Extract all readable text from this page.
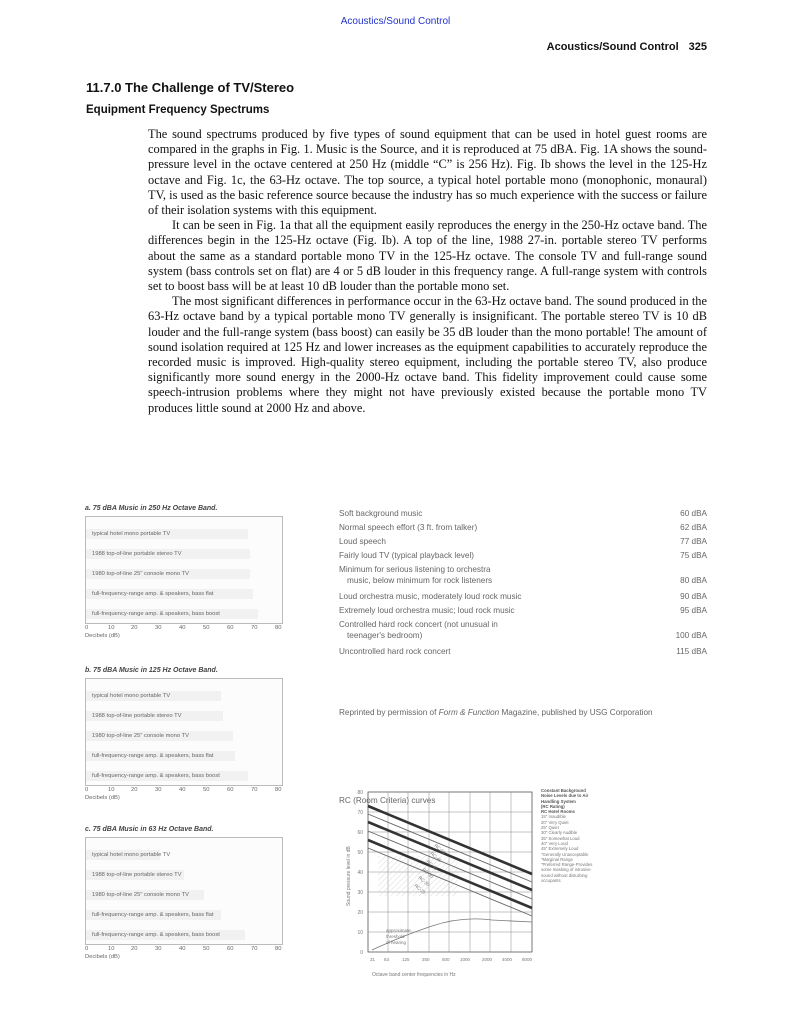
Acoustics/Sound Control
Acoustics/Sound Control 325
11.7.0 The Challenge of TV/Stereo
Equipment Frequency Spectrums

The sound spectrums produced by five types of sound equipment that can be used in hotel guest rooms are compared in the graphs in Fig. 1. Music is the Source, and it is reproduced at 75 dBA. Fig. 1A shows the sound-pressure level in the octave centered at 250 Hz (middle “C” is 256 Hz). Fig. Ib shows the level in the 125-Hz octave and Fig. 1c, the 63-Hz octave. The top source, a typical hotel portable mono (monophonic, monaural) TV, is used as the basic reference source because the industry has so much experience with the success or failure of their isolation systems with this equipment.

It can be seen in Fig. 1a that all the equipment easily reproduces the energy in the 250-Hz octave band. The differences begin in the 125-Hz octave (Fig. Ib). A top of the line, 1988 27-in. portable stereo TV performs about the same as a standard portable mono TV in the 125-Hz octave. The console TV and full-range sound system (bass controls set on flat) are 4 or 5 dB louder in this frequency range. A full-range system with controls set to boost bass will be at least 10 dB louder than the portable mono set.

The most significant differences in performance occur in the 63-Hz octave band. The sound produced in the 63-Hz octave band by a typical portable mono TV generally is insignificant. The portable stereo TV is 10 dB louder and the full-range system (bass boost) can easily be 35 dB louder than the mono portable! The amount of sound isolation required at 125 Hz and lower increases as the equipment capabilities to accurately reproduce the recorded music is improved. High-quality stereo equipment, including the portable stereo TV, also produce significantly more sound energy in the 2000-Hz octave band. This fidelity improvement could cause some speech-intrusion problems where they might not have previously existed because the portable mono TV produces little sound at 2000 Hz and above.

a. 75 dBA Music in 250 Hz Octave Band.
typical hotel mono portable TV
1988 top-of-line portable stereo TV
1980 top-of-line 25" console mono TV
full-frequency-range amp. & speakers, bass flat
full-frequency-range amp. & speakers, bass boost
0	10	20	30	40	50	60	70	80
Decibels (dB)
b. 75 dBA Music in 125 Hz Octave Band.
typical hotel mono portable TV
1988 top-of-line portable stereo TV
1980 top-of-line 25" console mono TV
full-frequency-range amp. & speakers, bass flat
full-frequency-range amp. & speakers, bass boost
0	10	20	30	40	50	60	70	80
Decibels (dB)
c. 75 dBA Music in 63 Hz Octave Band.
typical hotel mono portable TV
1988 top-of-line portable stereo TV
1980 top-of-line 25" console mono TV
full-frequency-range amp. & speakers, bass flat
full-frequency-range amp. & speakers, bass boost
0	10	20	30	40	50	60	70	80
Decibels (dB)
Soft background music	60 dBA
Normal speech effort (3 ft. from talker)	62 dBA
Loud speech	77 dBA
Fairly loud TV (typical playback level)	75 dBA
Minimum for serious listening to orchestra
music, below minimum for rock listeners	80 dBA
Loud orchestra music, moderately loud rock music	90 dBA
Extremely loud orchestra music; loud rock music	95 dBA
Controlled hard rock concert (not unusual in
teenager's bedroom)	100 dBA
Uncontrolled hard rock concert	115 dBA
Reprinted by permission of Form & Function Magazine, published by USG Corporation
RC (Room Criteria) curves
Sound pressure level in dB
80
70
60
50
40
30
20
10
0
RC-50
RC-45
RC-40
RC-35
RC-30
RC-25
approximate
threshold
of hearing
31 63	125	250	500 1000	2000 4000 8000
Octave band center frequencies in Hz
Constant Background
Noise Levels due to Air
Handling System
(RC Rating)
RC Hotel Rooms
15" Inaudible
20" Very Quiet
25" Quiet
30" Clearly Audible
35" Somewhat Loud
40" Very Loud
45" Extremely Loud
"Generally Unacceptable
"Marginal Range
"Preferred Range-Provides
some masking of intrusive
sound without disturbing
occupants
